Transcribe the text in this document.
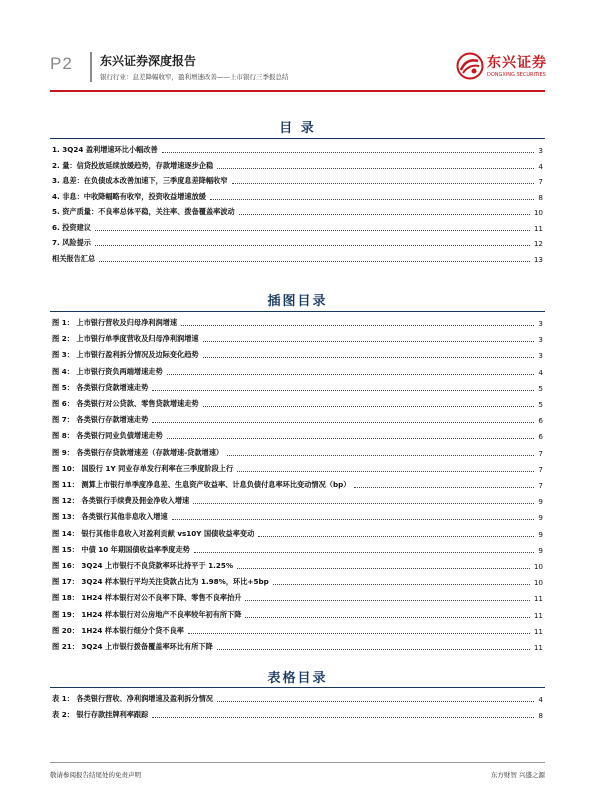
P2 东兴证券深度报告
银行行业：息差降幅收窄，盈利增速改善——上市银行三季报总结
东兴证券
DONGXING SECURITIES
目 录
1. 3Q24 盈利增速环比小幅改善	3
2. 量：信贷投放延续放缓趋势，存款增速逐步企稳	4
3. 息差：在负债成本改善加速下，三季度息差降幅收窄	7
4. 非息：中收降幅略有收窄，投资收益增速放缓	8
5. 资产质量：不良率总体平稳，关注率、拨备覆盖率波动	10
6. 投资建议	11
7. 风险提示	12
相关报告汇总	13
插图目录
图 1： 上市银行营收及归母净利润增速	3
图 2： 上市银行单季度营收及归母净利润增速	3
图 3： 上市银行盈利拆分情况及边际变化趋势	3
图 4： 上市银行资负两端增速走势	4
图 5： 各类银行贷款增速走势	5
图 6： 各类银行对公贷款、零售贷款增速走势	5
图 7： 各类银行存款增速走势	6
图 8： 各类银行同业负债增速走势	6
图 9： 各类银行存贷款增速差（存款增速-贷款增速）	7
图 10： 国股行 1Y 同业存单发行利率在三季度阶段上行	7
图 11： 测算上市银行单季度净息差、生息资产收益率、计息负债付息率环比变动情况（bp）	7
图 12： 各类银行手续费及佣金净收入增速	9
图 13： 各类银行其他非息收入增速	9
图 14： 银行其他非息收入对盈利贡献 vs10Y 国债收益率变动	9
图 15： 中债 10 年期国债收益率季度走势	9
图 16： 3Q24 上市银行不良贷款率环比持平于 1.25%	10
图 17： 3Q24 样本银行平均关注贷款占比为 1.98%，环比+5bp	10
图 18： 1H24 样本银行对公不良率下降、零售不良率抬升	11
图 19： 1H24 样本银行对公房地产不良率较年初有所下降	11
图 20： 1H24 样本银行细分个贷不良率	11
图 21： 3Q24 上市银行拨备覆盖率环比有所下降	11
表格目录
表 1： 各类银行营收、净利润增速及盈利拆分情况	4
表 2： 银行存款挂牌利率跟踪	8
敬请参阅报告结尾处的免责声明	东方财智 兴盛之源
